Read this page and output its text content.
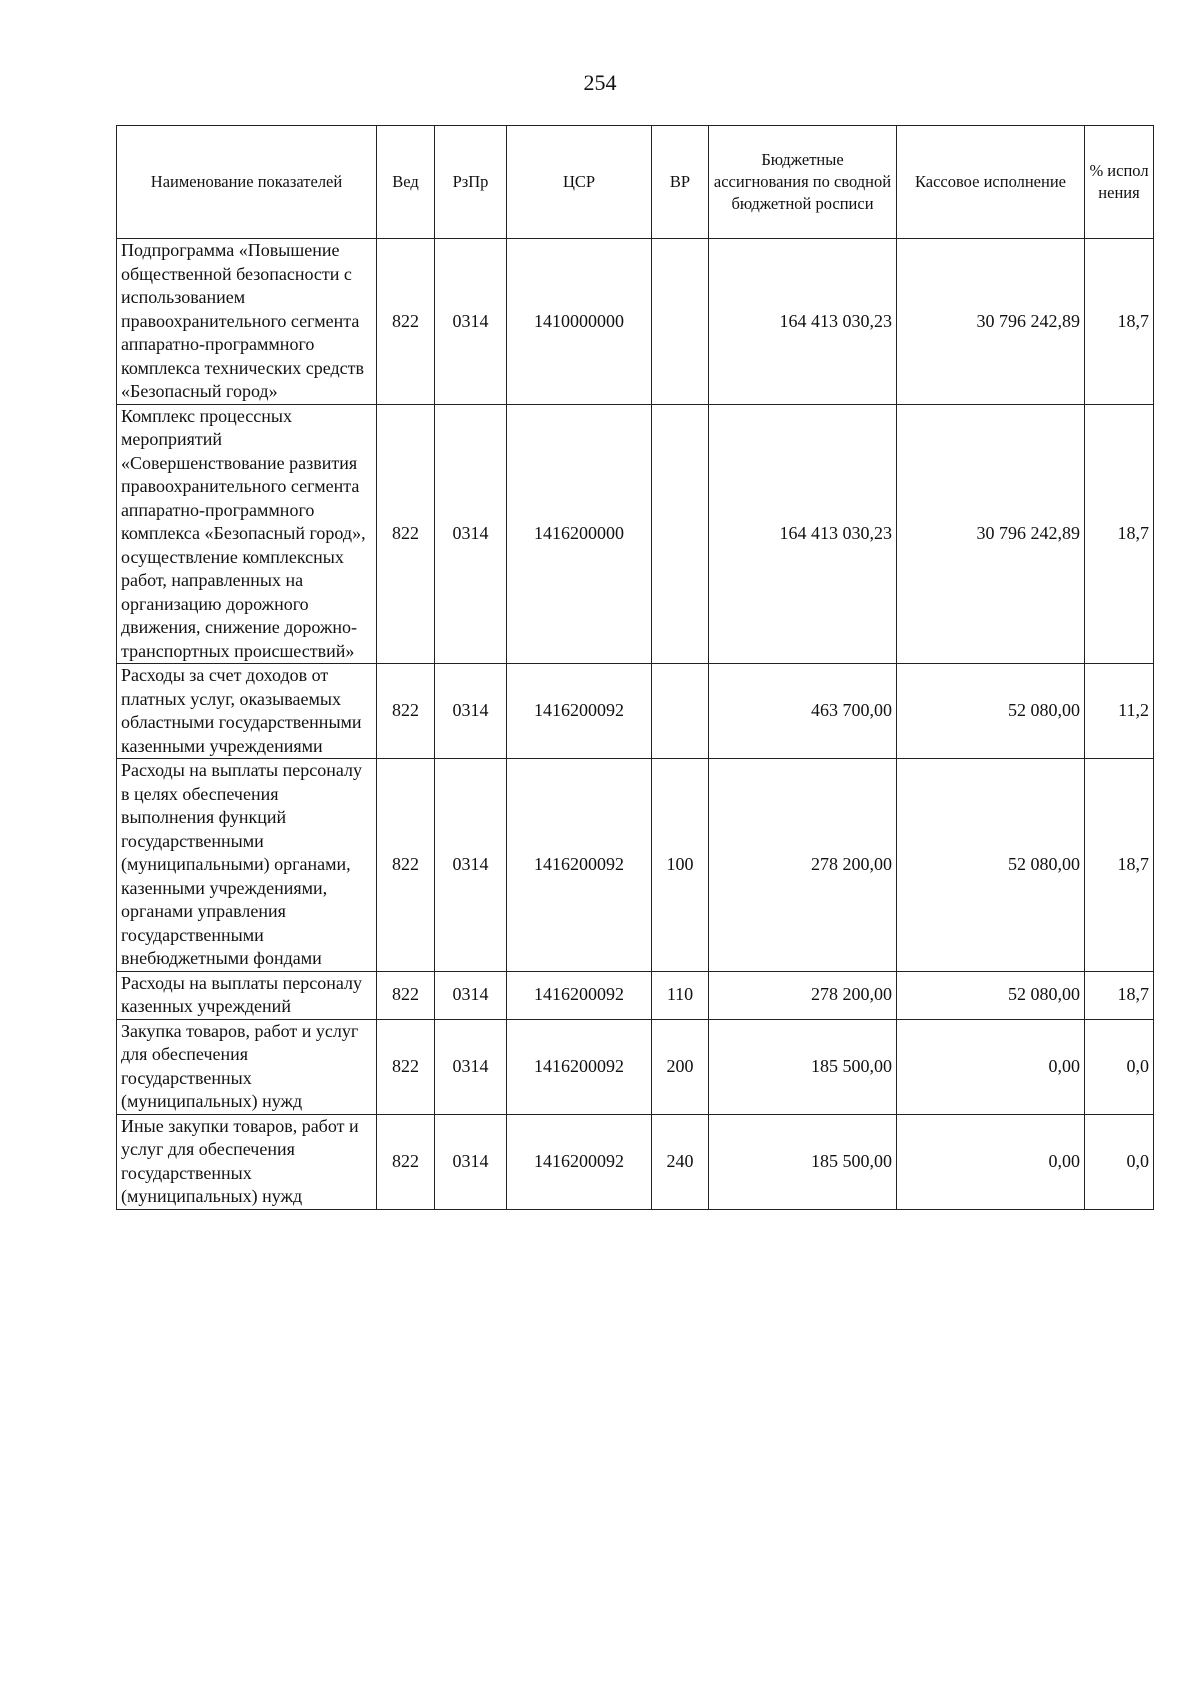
254
Наименование показателей	Вед	РзПр	ЦСР	ВР	Бюджетные ассигнования по сводной бюджетной росписи	Кассовое исполнение	% испол нения
Подпрограмма «Повышение общественной безопасности с использованием правоохранительного сегмента аппаратно-программного комплекса технических средств «Безопасный город»	822	0314	1410000000		164 413 030,23	30 796 242,89	18,7
Комплекс процессных мероприятий «Совершенствование развития правоохранительного сегмента аппаратно-программного комплекса «Безопасный город», осуществление комплексных работ, направленных на организацию дорожного движения, снижение дорожно-транспортных происшествий»	822	0314	1416200000		164 413 030,23	30 796 242,89	18,7
Расходы за счет доходов от платных услуг, оказываемых областными государственными казенными учреждениями	822	0314	1416200092		463 700,00	52 080,00	11,2
Расходы на выплаты персоналу в целях обеспечения выполнения функций государственными (муниципальными) органами, казенными учреждениями, органами управления государственными внебюджетными фондами	822	0314	1416200092	100	278 200,00	52 080,00	18,7
Расходы на выплаты персоналу казенных учреждений	822	0314	1416200092	110	278 200,00	52 080,00	18,7
Закупка товаров, работ и услуг для обеспечения государственных (муниципальных) нужд	822	0314	1416200092	200	185 500,00	0,00	0,0
Иные закупки товаров, работ и услуг для обеспечения государственных (муниципальных) нужд	822	0314	1416200092	240	185 500,00	0,00	0,0
